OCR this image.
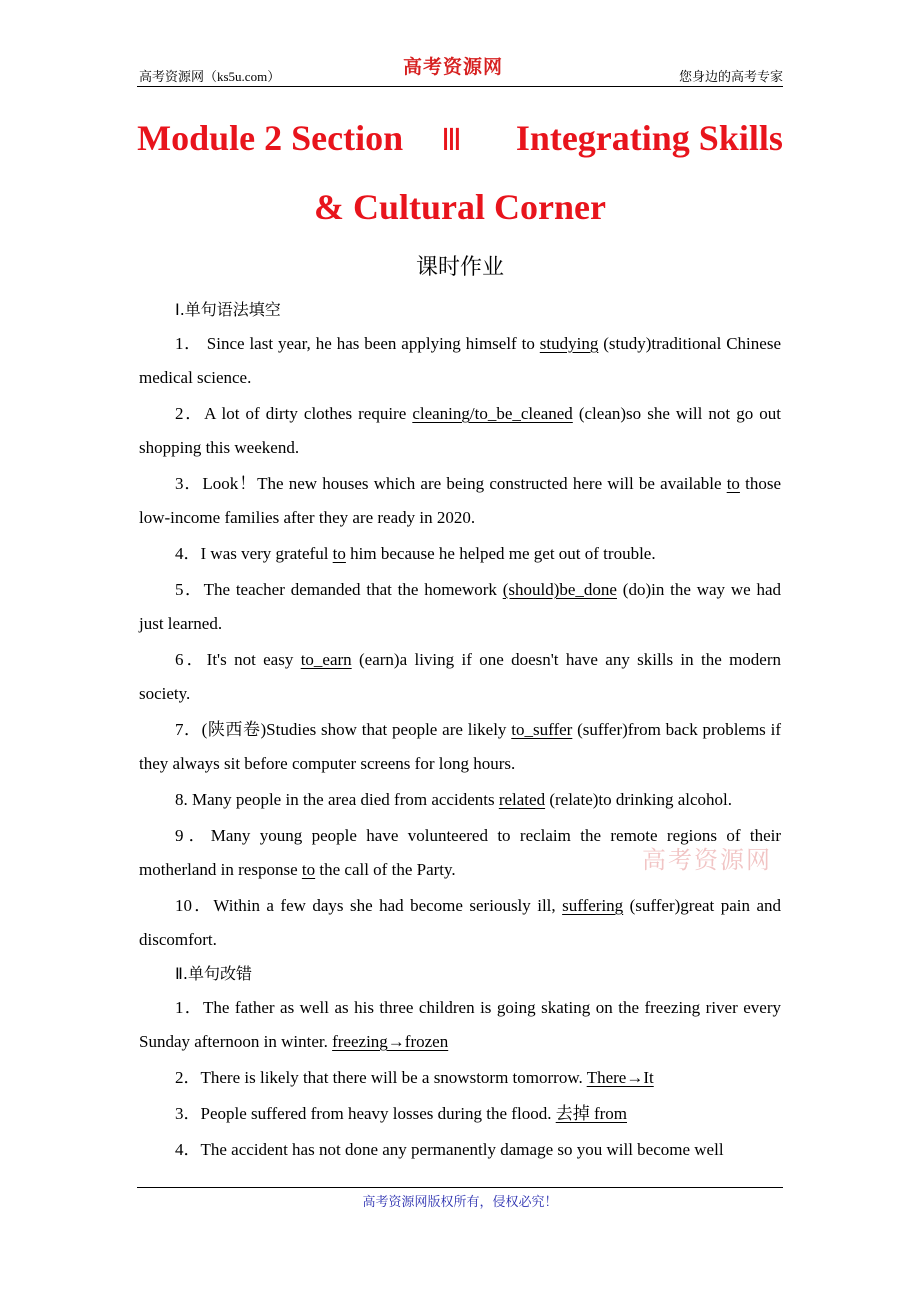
高考资源网（ks5u.com）	高考资源网	您身边的高考专家
Module 2 Section Ⅲ Integrating Skills
& Cultural Corner
课时作业
Ⅰ.单句语法填空
1． Since last year, he has been applying himself to studying (study)traditional Chinese medical science.
2．A lot of dirty clothes require cleaning/to_be_cleaned (clean)so she will not go out shopping this weekend.
3．Look！The new houses which are being constructed here will be available to those low-income families after they are ready in 2020.
4．I was very grateful to him because he helped me get out of trouble.
5．The teacher demanded that the homework (should)be_done (do)in the way we had just learned.
6．It's not easy to_earn (earn)a living if one doesn't have any skills in the modern society.
7．(陕西卷)Studies show that people are likely to_suffer (suffer)from back problems if they always sit before computer screens for long hours.
8. Many people in the area died from accidents related (relate)to drinking alcohol.
9．Many young people have volunteered to reclaim the remote regions of their motherland in response to the call of the Party.
10．Within a few days she had become seriously ill, suffering (suffer)great pain and discomfort.
Ⅱ.单句改错
1．The father as well as his three children is going skating on the freezing river every Sunday afternoon in winter. freezing→frozen
2．There is likely that there will be a snowstorm tomorrow. There→It
3．People suffered from heavy losses during the flood. 去掉 from
4．The accident has not done any permanently damage so you will become well
高考资源网
高考资源网版权所有，侵权必究！
